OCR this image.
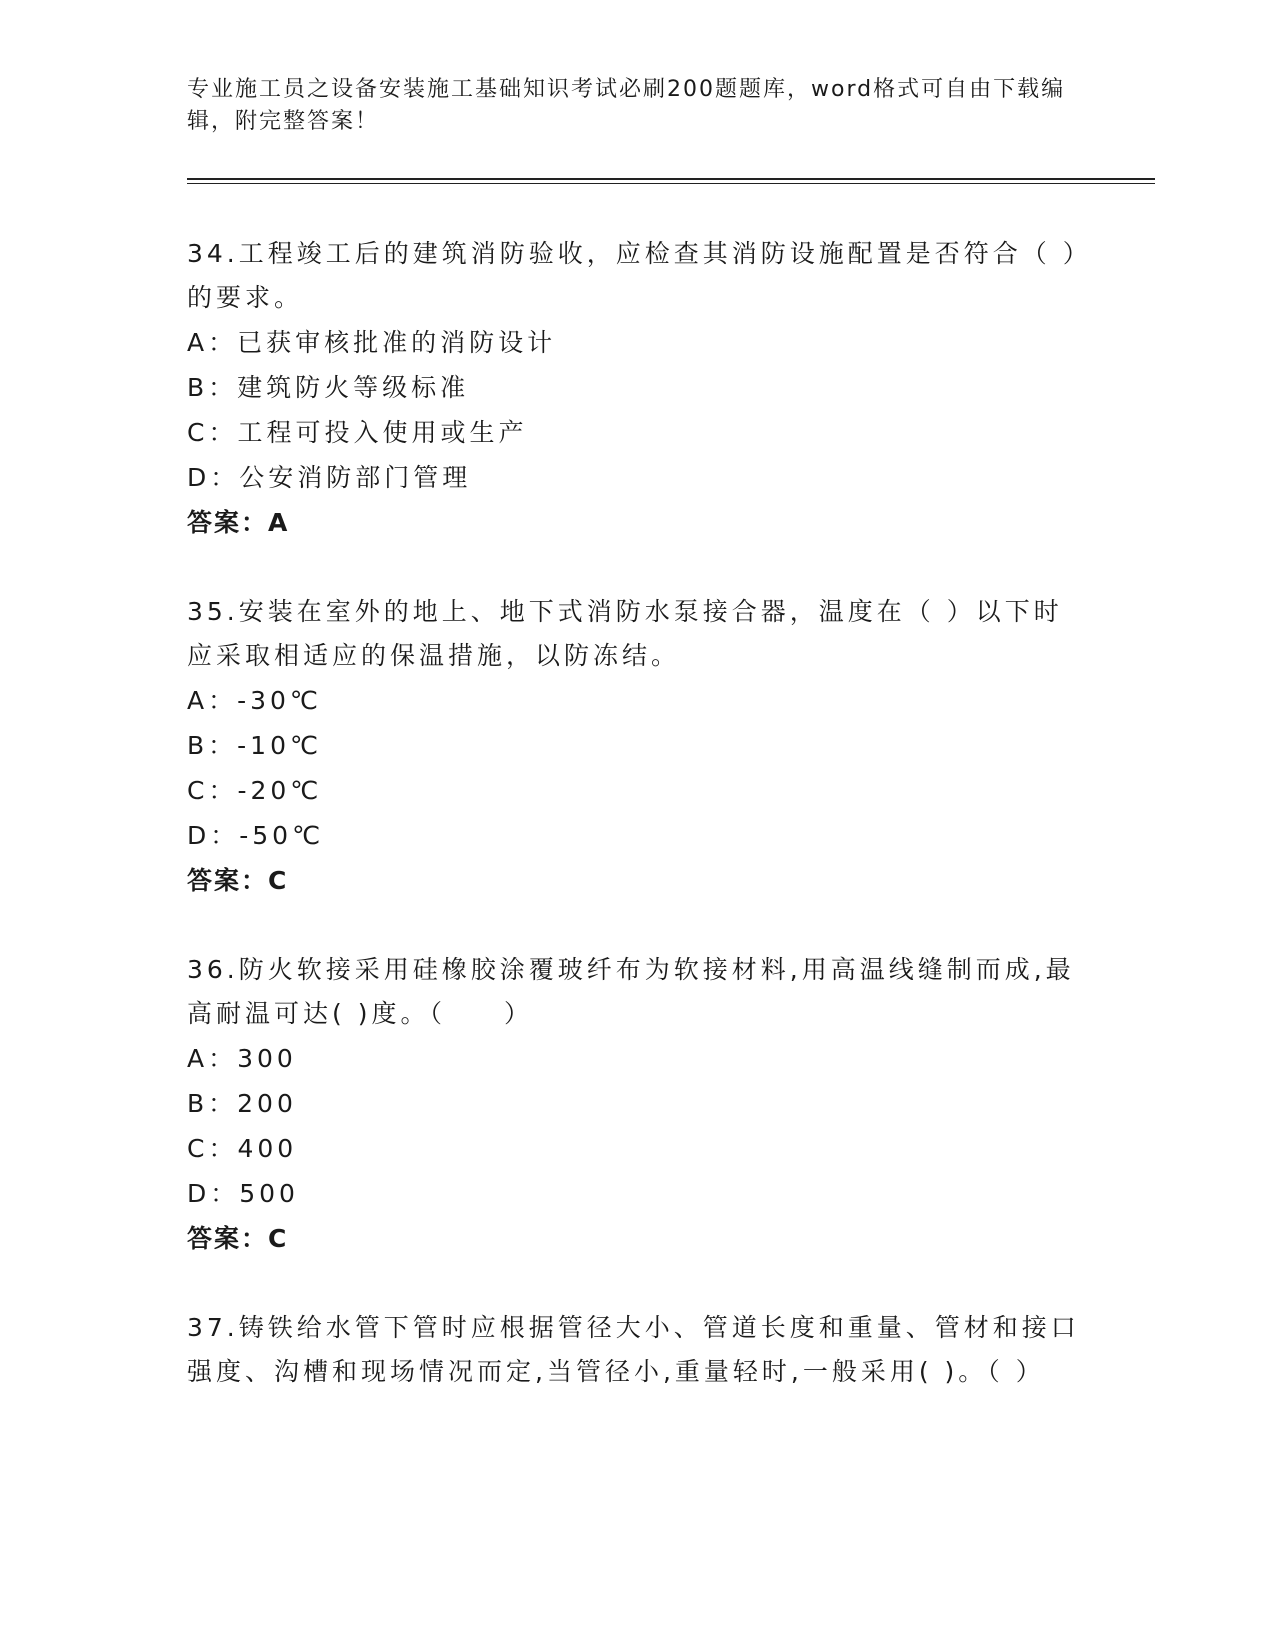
专业施工员之设备安装施工基础知识考试必刷200题题库，word格式可自由下载编辑，附完整答案！
34.工程竣工后的建筑消防验收，应检查其消防设施配置是否符合（ ）的要求。
A：已获审核批准的消防设计
B：建筑防火等级标准
C：工程可投入使用或生产
D：公安消防部门管理
答案：A
35.安装在室外的地上、地下式消防水泵接合器，温度在（ ）以下时应采取相适应的保温措施，以防冻结。
A：-30℃
B：-10℃
C：-20℃
D：-50℃
答案：C
36.防火软接采用硅橡胶涂覆玻纤布为软接材料,用高温线缝制而成,最高耐温可达( )度。（　　）
A：300
B：200
C：400
D：500
答案：C
37.铸铁给水管下管时应根据管径大小、管道长度和重量、管材和接口强度、沟槽和现场情况而定,当管径小,重量轻时,一般采用( )。（ ）
